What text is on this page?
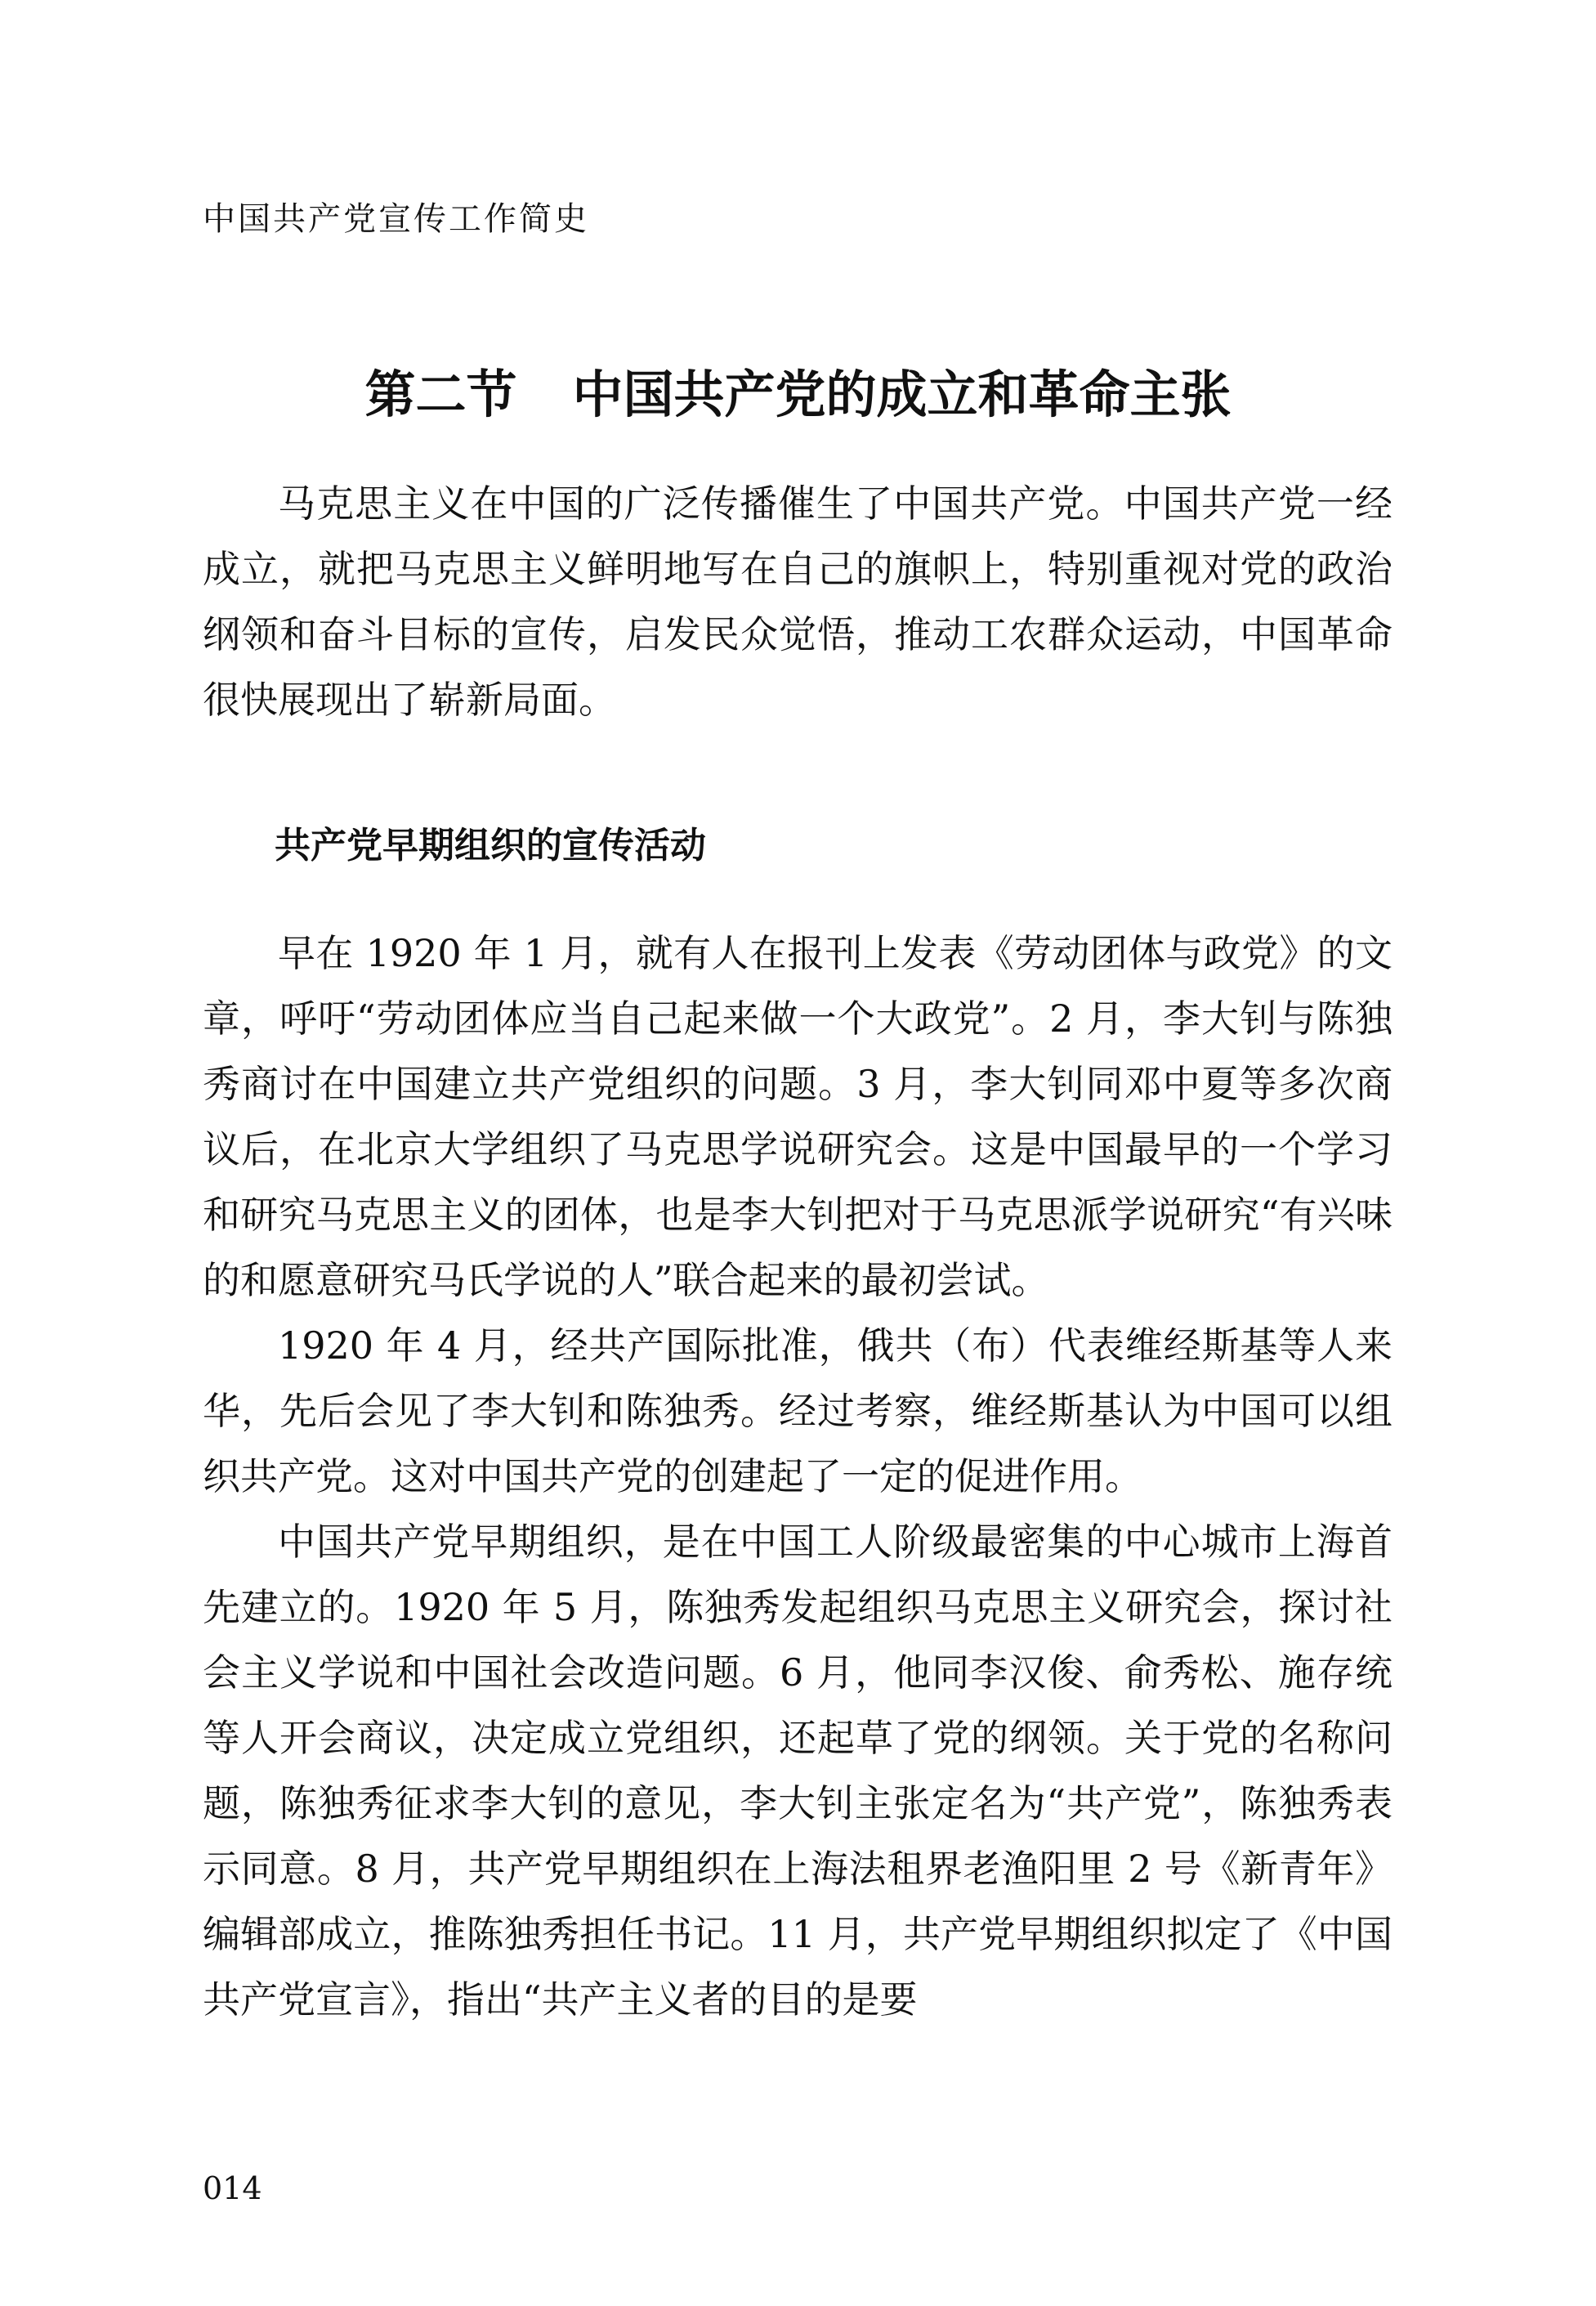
中国共产党宣传工作简史
第二节 中国共产党的成立和革命主张

马克思主义在中国的广泛传播催生了中国共产党。中国共产党一经成立，就把马克思主义鲜明地写在自己的旗帜上，特别重视对党的政治纲领和奋斗目标的宣传，启发民众觉悟，推动工农群众运动，中国革命很快展现出了崭新局面。

共产党早期组织的宣传活动

早在 1920 年 1 月，就有人在报刊上发表《劳动团体与政党》的文章，呼吁“劳动团体应当自己起来做一个大政党”。2 月，李大钊与陈独秀商讨在中国建立共产党组织的问题。3 月，李大钊同邓中夏等多次商议后，在北京大学组织了马克思学说研究会。这是中国最早的一个学习和研究马克思主义的团体，也是李大钊把对于马克思派学说研究“有兴味的和愿意研究马氏学说的人”联合起来的最初尝试。

1920 年 4 月，经共产国际批准，俄共（布）代表维经斯基等人来华，先后会见了李大钊和陈独秀。经过考察，维经斯基认为中国可以组织共产党。这对中国共产党的创建起了一定的促进作用。

中国共产党早期组织，是在中国工人阶级最密集的中心城市上海首先建立的。1920 年 5 月，陈独秀发起组织马克思主义研究会，探讨社会主义学说和中国社会改造问题。6 月，他同李汉俊、俞秀松、施存统等人开会商议，决定成立党组织，还起草了党的纲领。关于党的名称问题，陈独秀征求李大钊的意见，李大钊主张定名为“共产党”，陈独秀表示同意。8 月，共产党早期组织在上海法租界老渔阳里 2 号《新青年》编辑部成立，推陈独秀担任书记。11 月，共产党早期组织拟定了《中国共产党宣言》，指出“共产主义者的目的是要

014
